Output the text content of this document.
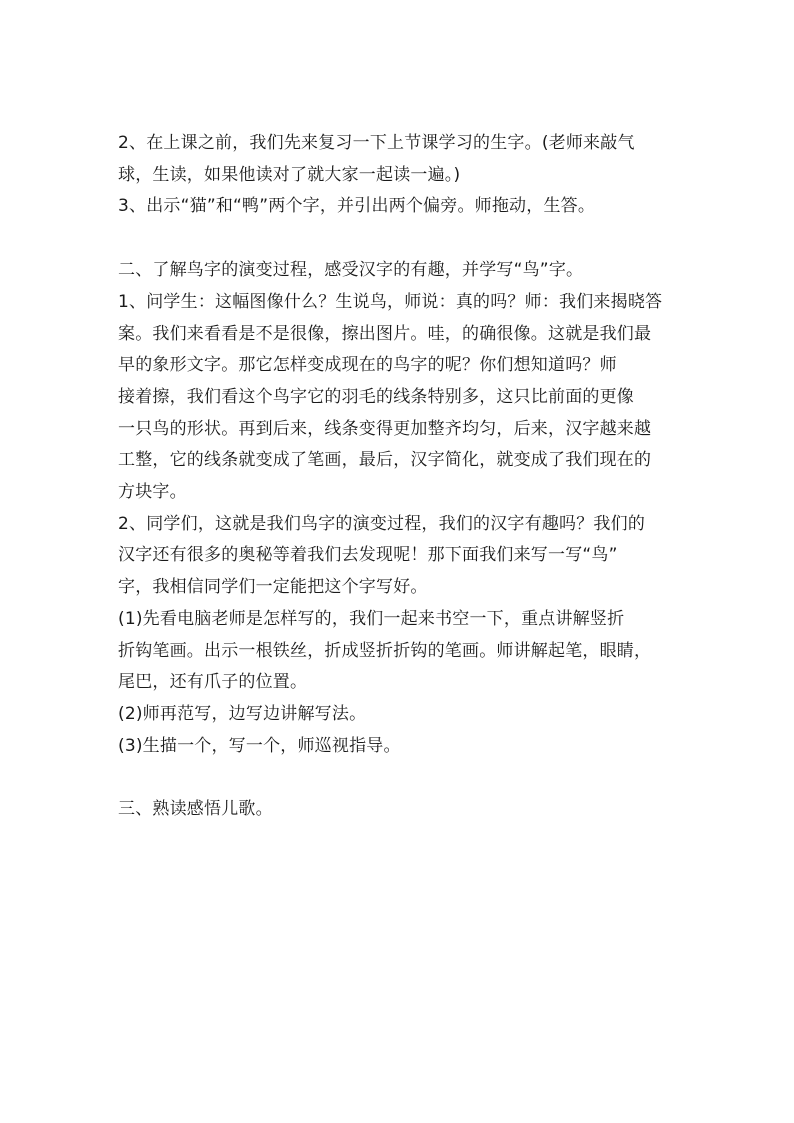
2、在上课之前，我们先来复习一下上节课学习的生字。(老师来敲气
球，生读，如果他读对了就大家一起读一遍。)
3、出示“猫”和“鸭”两个字，并引出两个偏旁。师拖动，生答。
二、了解鸟字的演变过程，感受汉字的有趣，并学写“鸟”字。
1、问学生：这幅图像什么？生说鸟，师说：真的吗？师：我们来揭晓答
案。我们来看看是不是很像，擦出图片。哇，的确很像。这就是我们最
早的象形文字。那它怎样变成现在的鸟字的呢？你们想知道吗？师
接着擦，我们看这个鸟字它的羽毛的线条特别多，这只比前面的更像
一只鸟的形状。再到后来，线条变得更加整齐均匀，后来，汉字越来越
工整，它的线条就变成了笔画，最后，汉字简化，就变成了我们现在的
方块字。
2、同学们，这就是我们鸟字的演变过程，我们的汉字有趣吗？我们的
汉字还有很多的奥秘等着我们去发现呢！那下面我们来写一写“鸟”
字，我相信同学们一定能把这个字写好。
(1)先看电脑老师是怎样写的，我们一起来书空一下，重点讲解竖折
折钩笔画。出示一根铁丝，折成竖折折钩的笔画。师讲解起笔，眼睛，
尾巴，还有爪子的位置。
(2)师再范写，边写边讲解写法。
(3)生描一个，写一个，师巡视指导。
三、熟读感悟儿歌。
